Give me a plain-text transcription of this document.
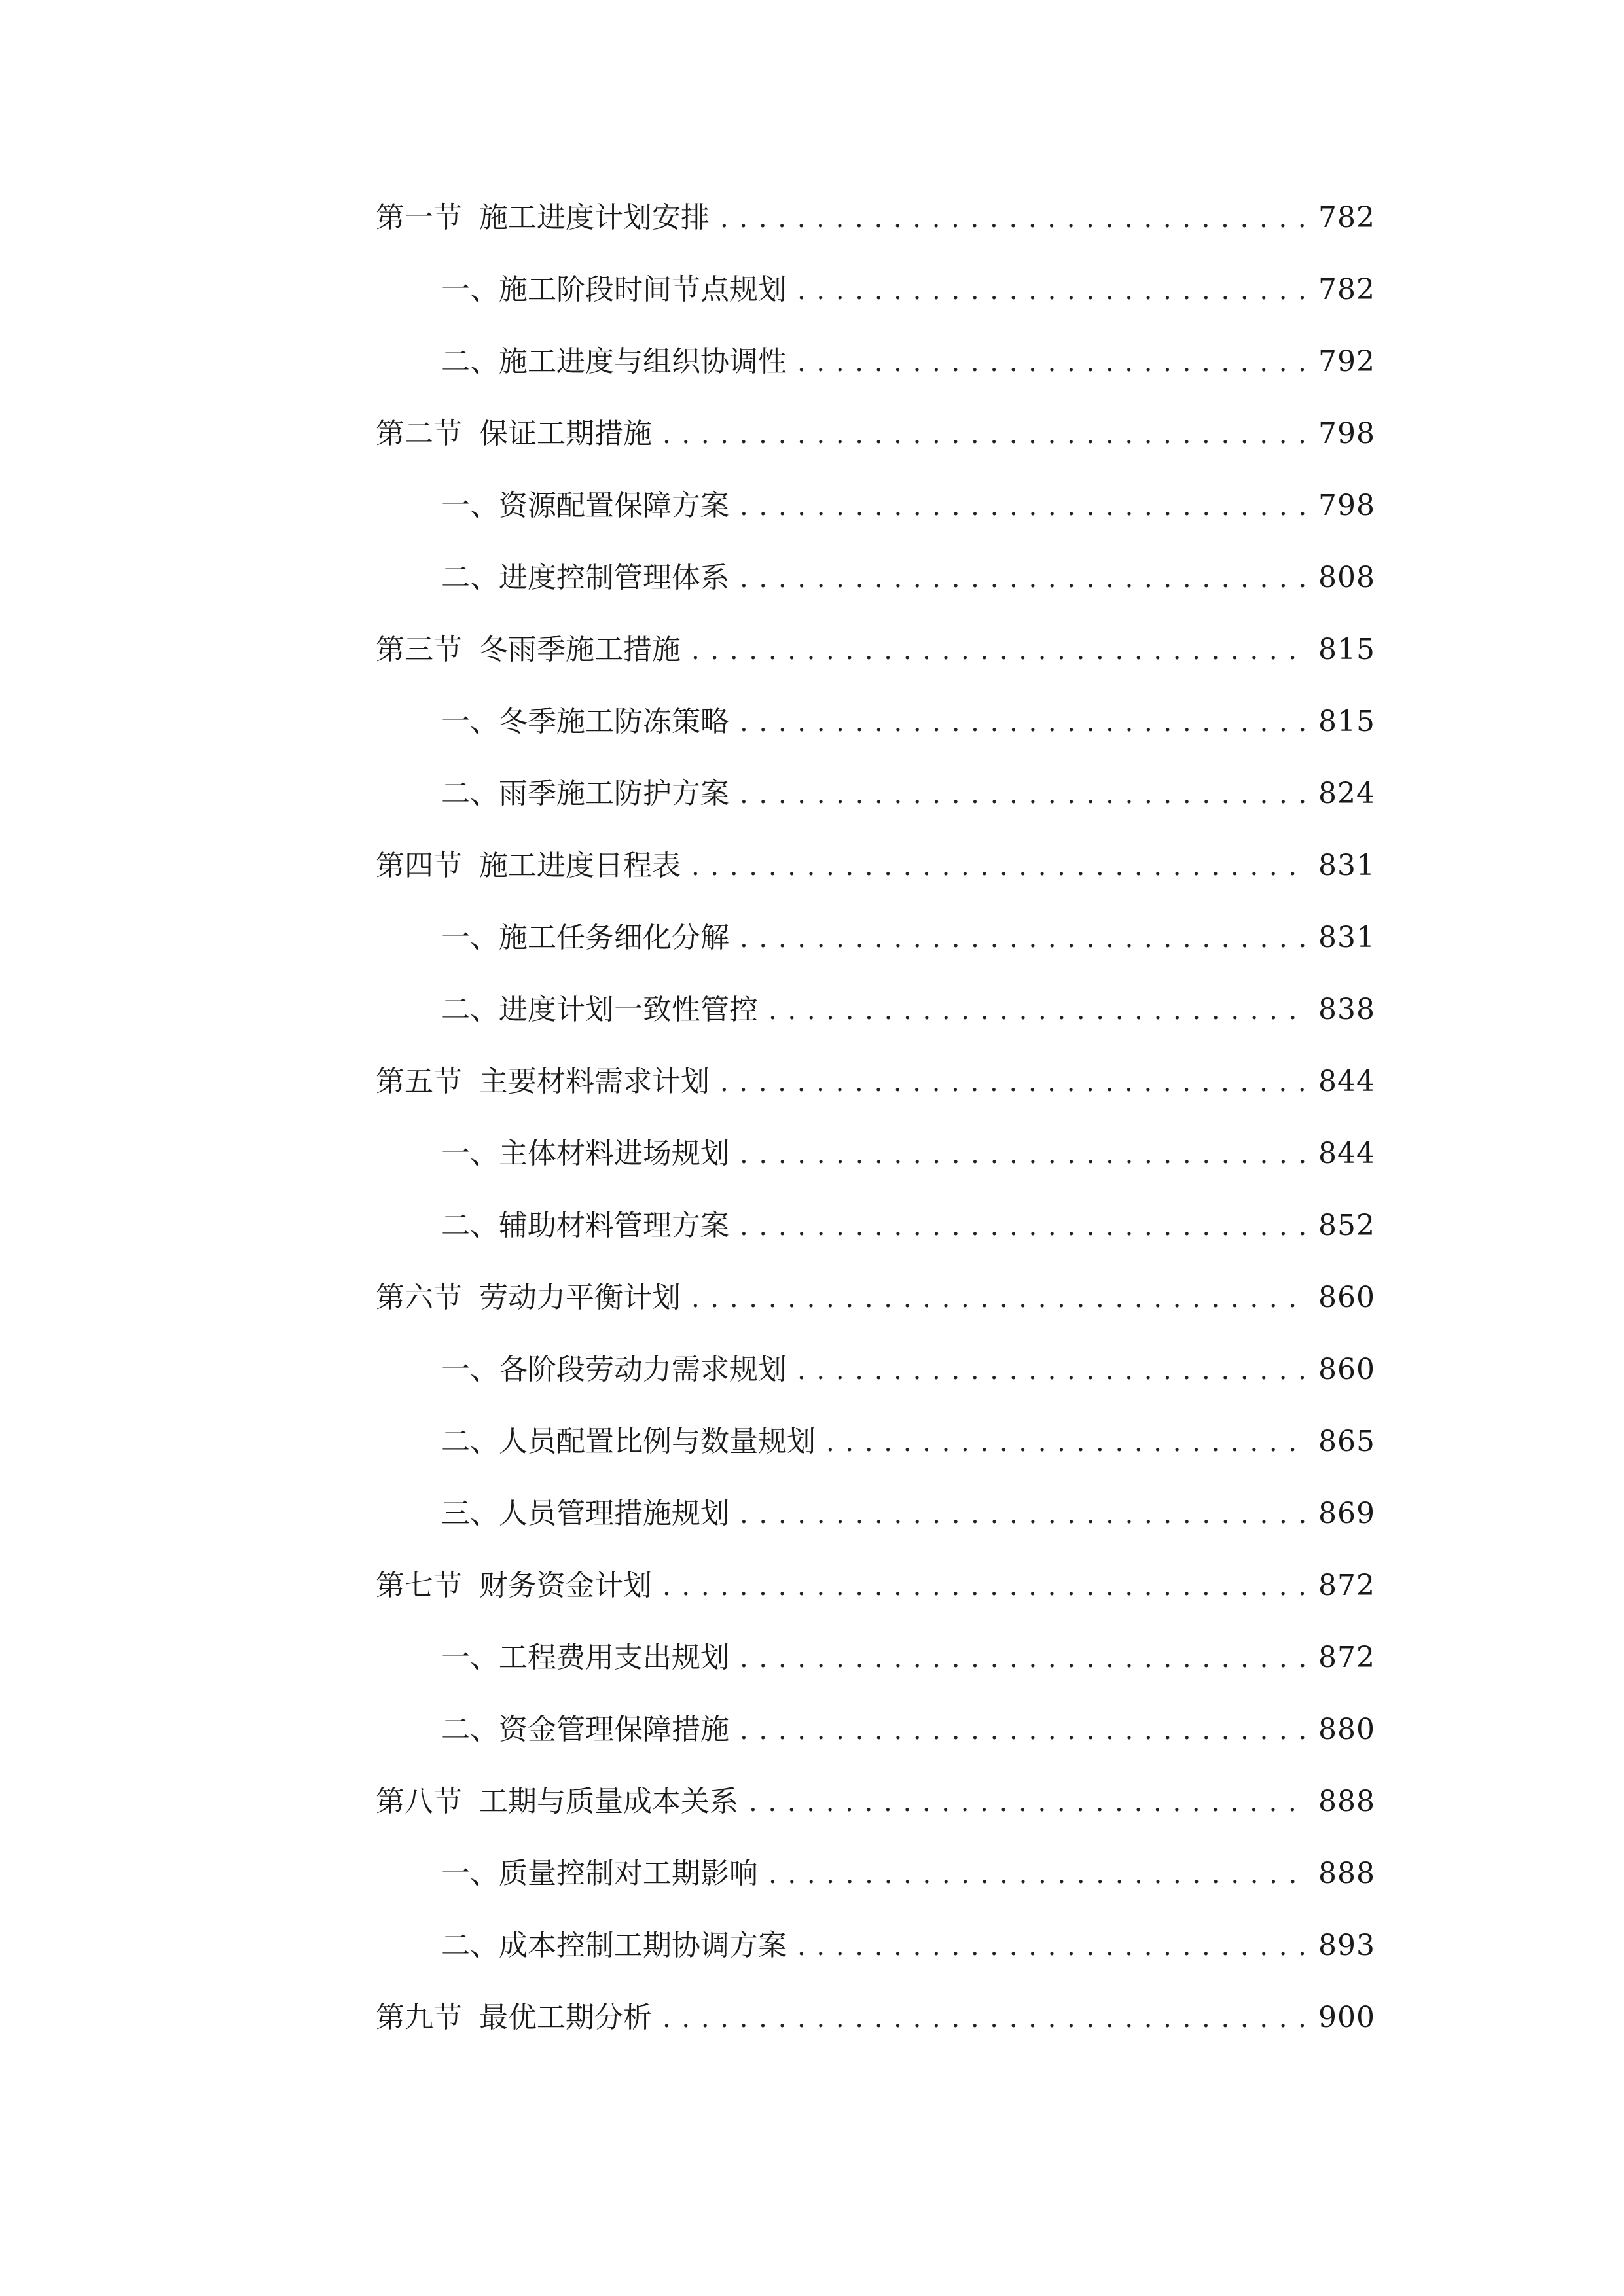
第一节 施工进度计划安排 . . .	782
一、 施工阶段时间节点规划 . . .	782
二、 施工进度与组织协调性 . . .	792
第二节 保证工期措施 . . .	798
一、 资源配置保障方案 . . .	798
二、 进度控制管理体系 . . .	808
第三节 冬雨季施工措施 . . .	815
一、 冬季施工防冻策略 . . .	815
二、 雨季施工防护方案 . . .	824
第四节 施工进度日程表 . . .	831
一、 施工任务细化分解 . . .	831
二、 进度计划一致性管控 . . .	838
第五节 主要材料需求计划 . . .	844
一、 主体材料进场规划 . . .	844
二、 辅助材料管理方案 . . .	852
第六节 劳动力平衡计划 . . .	860
一、 各阶段劳动力需求规划 . . .	860
二、 人员配置比例与数量规划 . . .	865
三、 人员管理措施规划 . . .	869
第七节 财务资金计划 . . .	872
一、 工程费用支出规划 . . .	872
二、 资金管理保障措施 . . .	880
第八节 工期与质量成本关系 . . .	888
一、 质量控制对工期影响 . . .	888
二、 成本控制工期协调方案 . . .	893
第九节 最优工期分析 . . .	900
